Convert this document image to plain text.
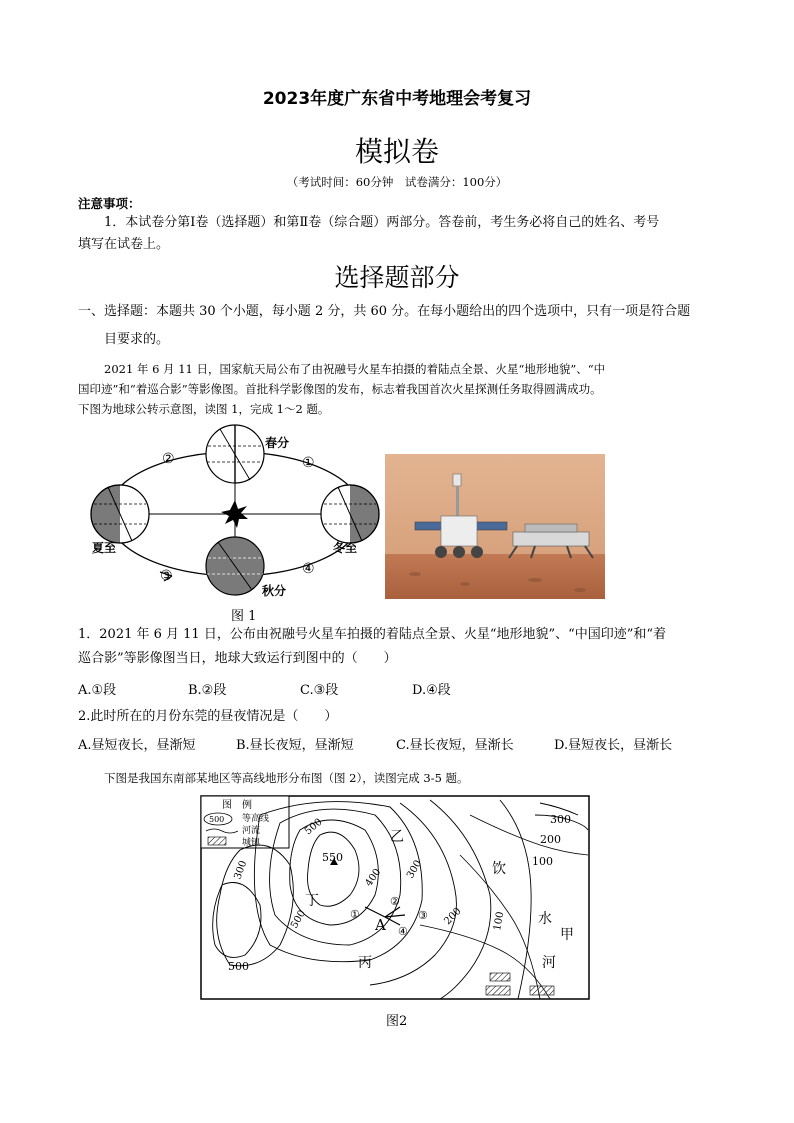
2023年度广东省中考地理会考复习
模拟卷
（考试时间：60分钟　试卷满分：100分）
注意事项：
1．本试卷分第Ⅰ卷（选择题）和第Ⅱ卷（综合题）两部分。答卷前，考生务必将自己的姓名、考号
填写在试卷上。
选择题部分
一、选择题：本题共 30 个小题，每小题 2 分，共 60 分。在每小题给出的四个选项中，只有一项是符合题
目要求的。
2021 年 6 月 11 日，国家航天局公布了由祝融号火星车拍摄的着陆点全景、火星“地形地貌”、“中
国印迹”和“着巡合影”等影像图。首批科学影像图的发布，标志着我国首次火星探测任务取得圆满成功。
下图为地球公转示意图，读图 1，完成 1～2 题。
春分
夏至	冬至
秋分
①
②
③	④
图 1
1．2021 年 6 月 11 日，公布由祝融号火星车拍摄的着陆点全景、火星“地形地貌”、“中国印迹”和“着
巡合影”等影像图当日，地球大致运行到图中的（　　）
A.①段	B.②段	C.③段	D.④段
2.此时所在的月份东莞的昼夜情况是（　　）
A.昼短夜长，昼渐短	B.昼长夜短，昼渐短	C.昼长夜短，昼渐长	D.昼短夜长，昼渐长
下图是我国东南部某地区等高线地形分布图（图 2），读图完成 3-5 题。
图　例
500 等高线
河流
城镇
550
500
500
500
400
300	300
200
200
100
100
300
乙
丁
丙
甲
饮
水
河
A
①
②
③
④
图2
